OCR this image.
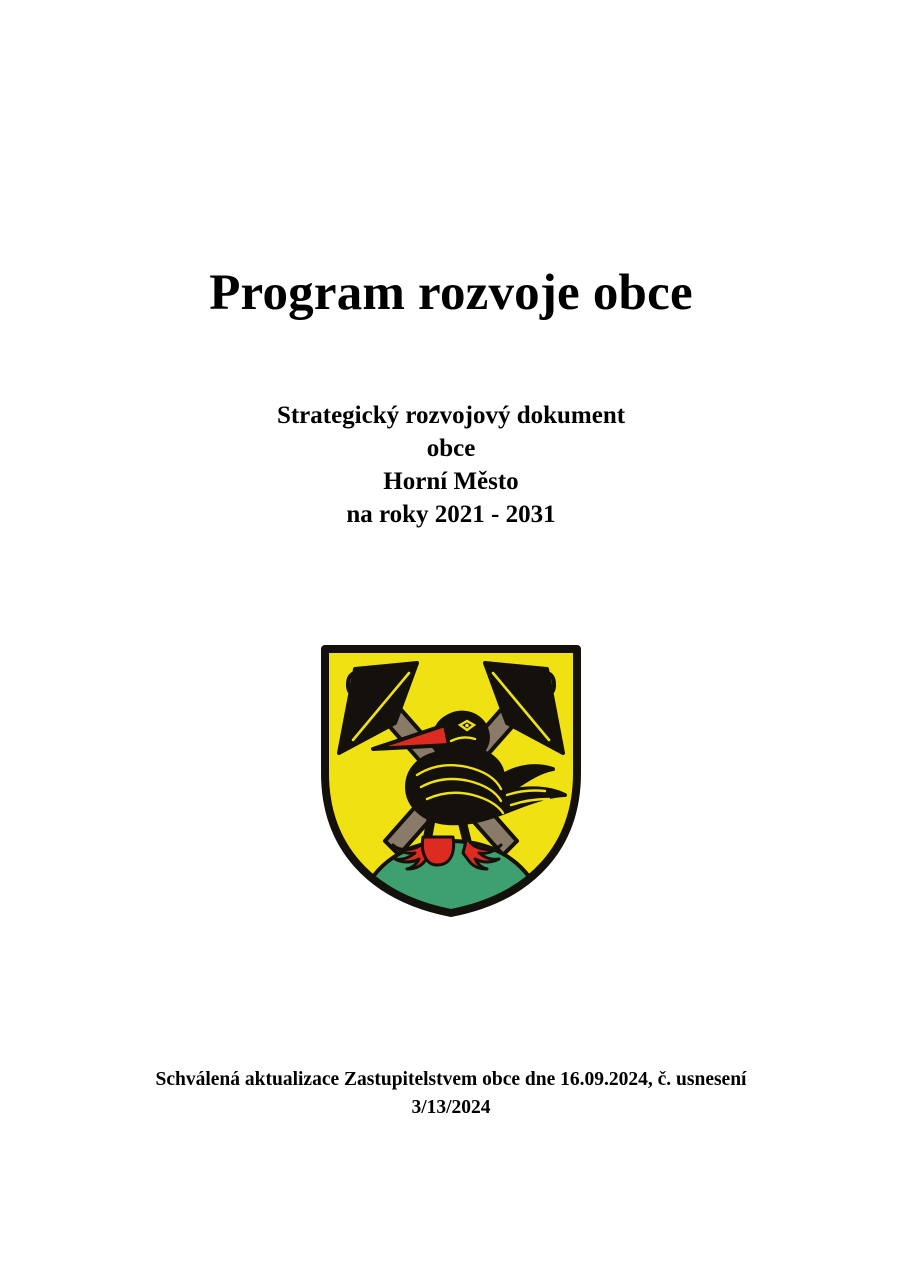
Program rozvoje obce
Strategický rozvojový dokument
obce
Horní Město
na roky 2021 - 2031
Schválená aktualizace Zastupitelstvem obce dne 16.09.2024, č. usnesení
3/13/2024
